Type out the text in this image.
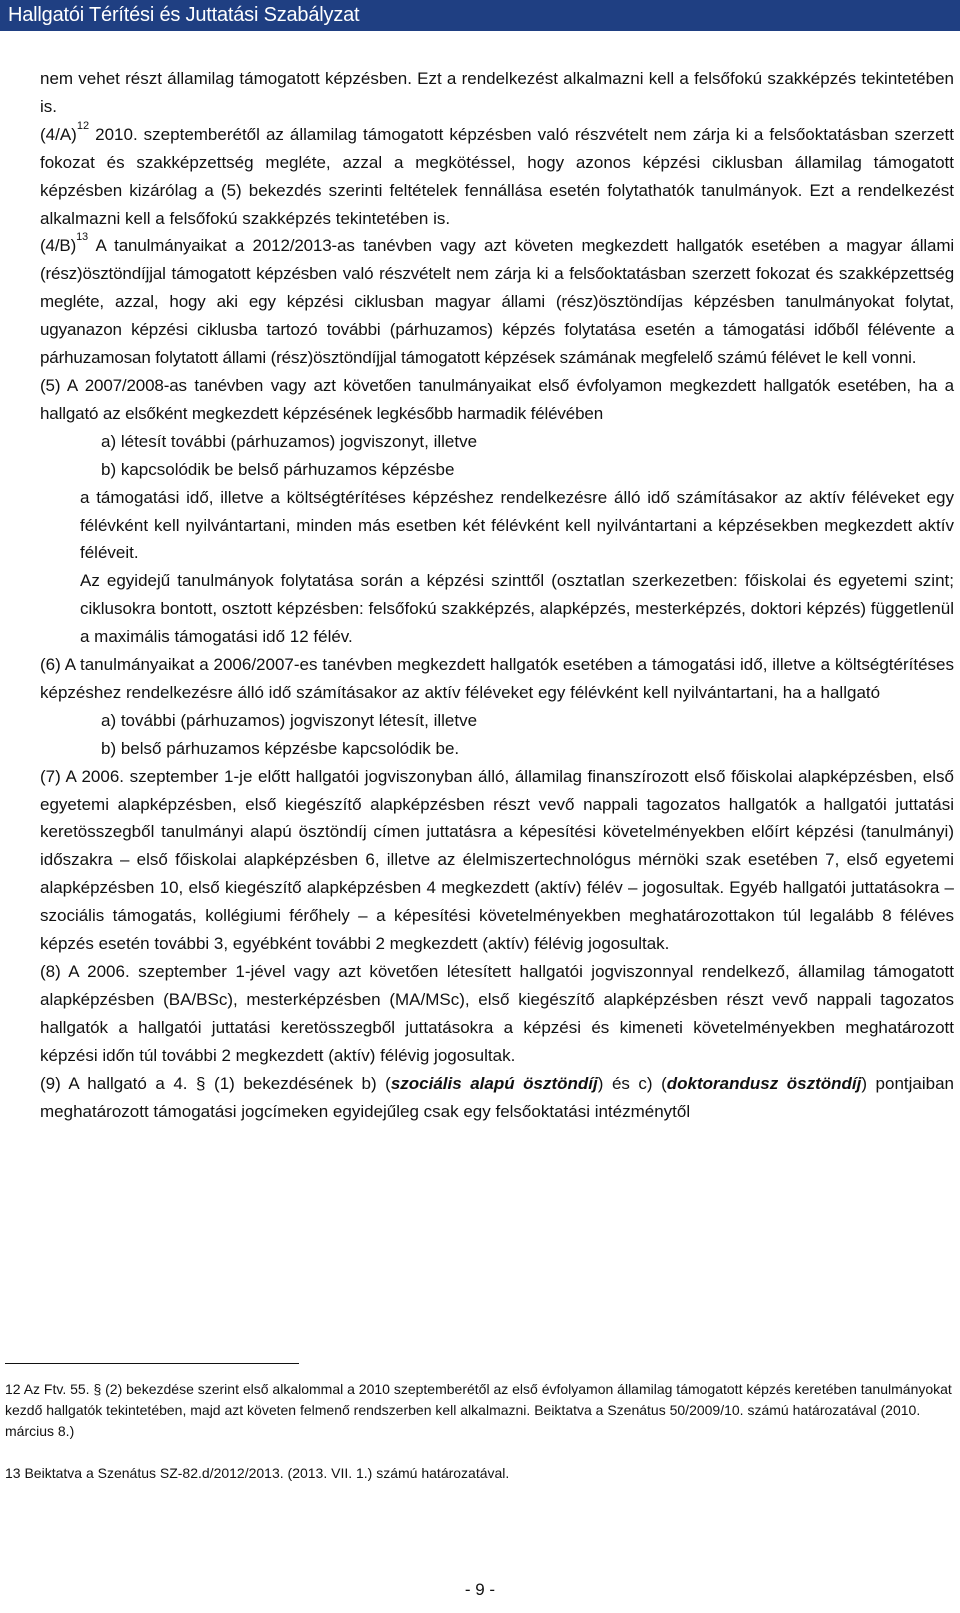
Hallgatói Térítési és Juttatási Szabályzat

nem vehet részt államilag támogatott képzésben. Ezt a rendelkezést alkalmazni kell a felsőfokú szakképzés tekintetében is.

$(4/A)^{12}$ 2010. szeptemberétől az államilag támogatott képzésben való részvételt nem zárja ki a felsőoktatásban szerzett fokozat és szakképzettség megléte, azzal a megkötéssel, hogy azonos képzési ciklusban államilag támogatott képzésben kizárólag a (5) bekezdés szerinti feltételek fennállása esetén folytathatók tanulmányok. Ezt a rendelkezést alkalmazni kell a felsőfokú szakképzés tekintetében is.

$(4/B)^{13}$ A tanulmányaikat a 2012/2013-as tanévben vagy azt követen megkezdett hallgatók esetében a magyar állami (rész)ösztöndíjjal támogatott képzésben való részvételt nem zárja ki a felsőoktatásban szerzett fokozat és szakképzettség megléte, azzal, hogy aki egy képzési ciklusban magyar állami (rész)ösztöndíjas képzésben tanulmányokat folytat, ugyanazon képzési ciklusba tartozó további (párhuzamos) képzés folytatása esetén a támogatási időből félévente a párhuzamosan folytatott állami (rész)ösztöndíjjal támogatott képzések számának megfelelő számú félévet le kell vonni.

(5) A 2007/2008-as tanévben vagy azt követően tanulmányaikat első évfolyamon megkezdett hallgatók esetében, ha a hallgató az elsőként megkezdett képzésének legkésőbb harmadik félévében

a) létesít további (párhuzamos) jogviszonyt, illetve

b) kapcsolódik be belső párhuzamos képzésbe

a támogatási idő, illetve a költségtérítéses képzéshez rendelkezésre álló idő számításakor az aktív féléveket egy félévként kell nyilvántartani, minden más esetben két félévként kell nyilvántartani a képzésekben megkezdett aktív féléveit.

Az egyidejű tanulmányok folytatása során a képzési szinttől (osztatlan szerkezetben: főiskolai és egyetemi szint; ciklusokra bontott, osztott képzésben: felsőfokú szakképzés, alapképzés, mesterképzés, doktori képzés) függetlenül a maximális támogatási idő 12 félév.

(6) A tanulmányaikat a 2006/2007-es tanévben megkezdett hallgatók esetében a támogatási idő, illetve a költségtérítéses képzéshez rendelkezésre álló idő számításakor az aktív féléveket egy félévként kell nyilvántartani, ha a hallgató

a) további (párhuzamos) jogviszonyt létesít, illetve

b) belső párhuzamos képzésbe kapcsolódik be.

(7) A 2006. szeptember 1-je előtt hallgatói jogviszonyban álló, államilag finanszírozott első főiskolai alapképzésben, első egyetemi alapképzésben, első kiegészítő alapképzésben részt vevő nappali tagozatos hallgatók a hallgatói juttatási keretösszegből tanulmányi alapú ösztöndíj címen juttatásra a képesítési követelményekben előírt képzési (tanulmányi) időszakra – első főiskolai alapképzésben 6, illetve az élelmiszertechnológus mérnöki szak esetében 7, első egyetemi alapképzésben 10, első kiegészítő alapképzésben 4 megkezdett (aktív) félév – jogosultak. Egyéb hallgatói juttatásokra – szociális támogatás, kollégiumi férőhely – a képesítési követelményekben meghatározottakon túl legalább 8 féléves képzés esetén további 3, egyébként további 2 megkezdett (aktív) félévig jogosultak.

(8) A 2006. szeptember 1-jével vagy azt követően létesített hallgatói jogviszonnyal rendelkező, államilag támogatott alapképzésben (BA/BSc), mesterképzésben (MA/MSc), első kiegészítő alapképzésben részt vevő nappali tagozatos hallgatók a hallgatói juttatási keretösszegből juttatásokra a képzési és kimeneti követelményekben meghatározott képzési időn túl további 2 megkezdett (aktív) félévig jogosultak.

(9) A hallgató a 4. § (1) bekezdésének b) (szociális alapú ösztöndíj) és c) (doktorandusz ösztöndíj) pontjaiban meghatározott támogatási jogcímeken egyidejűleg csak egy felsőoktatási intézménytől

12 Az Ftv. 55. § (2) bekezdése szerint első alkalommal a 2010 szeptemberétől az első évfolyamon államilag támogatott képzés keretében tanulmányokat kezdő hallgatók tekintetében, majd azt követen felmenő rendszerben kell alkalmazni. Beiktatva a Szenátus 50/2009/10. számú határozatával (2010. március 8.)

13 Beiktatva a Szenátus SZ-82.d/2012/2013. (2013. VII. 1.) számú határozatával.

- 9 -
